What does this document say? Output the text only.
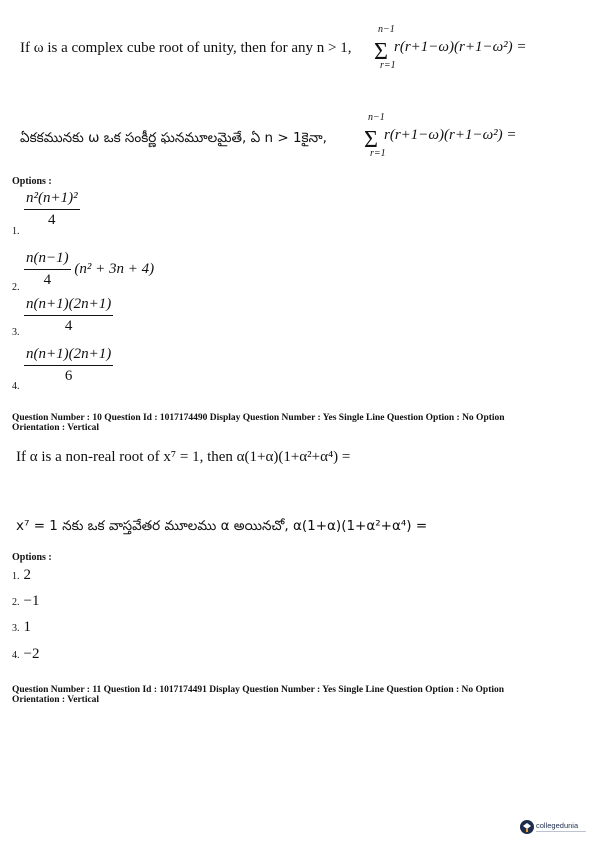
If ω is a complex cube root of unity, then for any n > 1,
n−1
Σ r(r+1−ω)(r+1−ω²) =
r=1
ఏకకమునకు ω ఒక సంకీర్ణ ఘనమూలమైతే, ఏ n > 1కైనా,
n−1
Σ r(r+1−ω)(r+1−ω²) =
r=1
Options :
$\frac{\text{n²(n+1)²}}{4}$
1.
$\frac{n(n-1)}{4} (n^2 + 3n + 4)$
2.
$\frac{n(n+1)(2n+1)}{4}$
3.
$\frac{n(n+1)(2n+1)}{6}$
4.
Question Number : 10 Question Id : 1017174490 Display Question Number : Yes Single Line Question Option : No Option
Orientation : Vertical
If α is a non-real root of x⁷ = 1, then α(1+α)(1+α²+α⁴) =
x⁷ = 1 నకు ఒక వాస్తవేతర మూలము α అయినచో, α(1+α)(1+α²+α⁴) =
Options :
1. 2
2. −1
3. 1
4. −2
Question Number : 11 Question Id : 1017174491 Display Question Number : Yes Single Line Question Option : No Option
Orientation : Vertical
collegedunia
